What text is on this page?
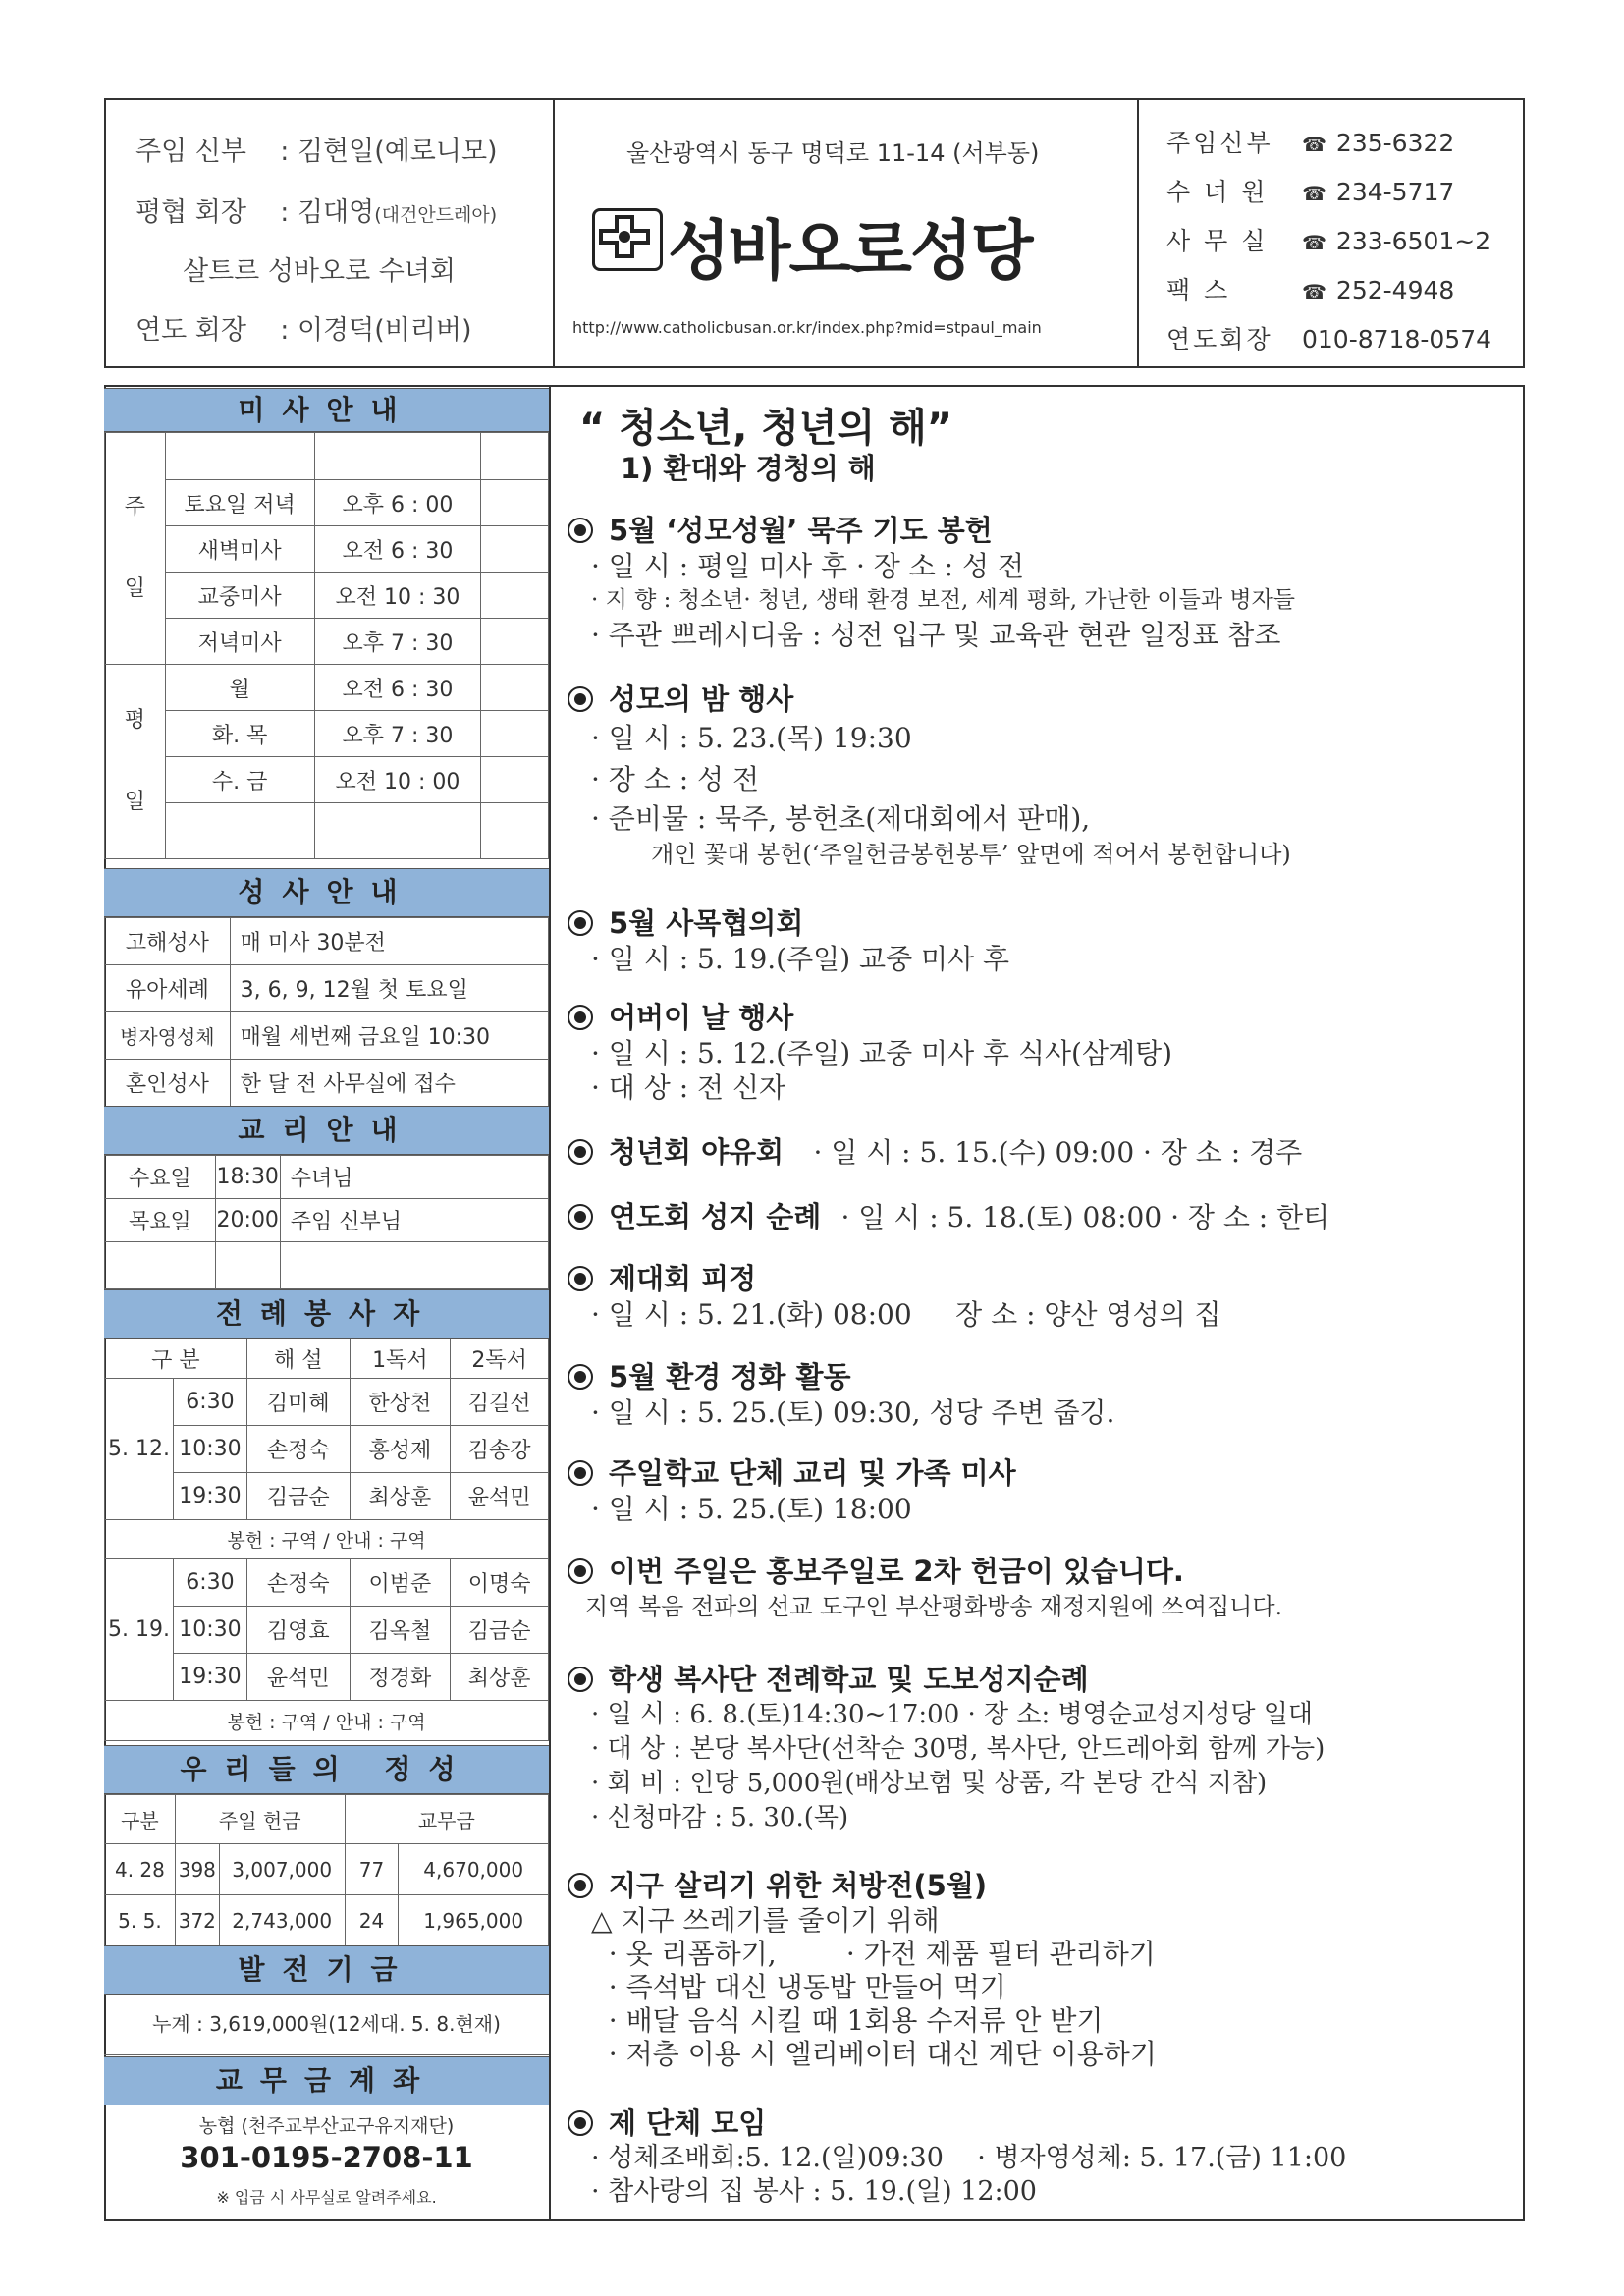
주임 신부 : 김현일(예로니모)
평협 회장 : 김대영(대건안드레아)
살트르 성바오로 수녀회
연도 회장 : 이경덕(비리버)
울산광역시 동구 명덕로 11-14 (서부동)
성바오로성당
http://www.catholicbusan.or.kr/index.php?mid=stpaul_main
주임신부 ☎ 235-6322
수 녀 원 ☎ 234-5717
사 무 실 ☎ 233-6501~2
팩 스	☎ 252-4948
연도회장 010-8718-0574
미사안내
주

일			
	토요일 저녁	오후 6 : 00	
	새벽미사	오전 6 : 30	
	교중미사	오전 10 : 30	
	저녁미사	오후 7 : 30	
평

일	월	오전 6 : 30	
	화. 목	오후 7 : 30	
	수. 금	오전 10 : 00	

성사안내
고해성사	매 미사 30분전
유아세례	3, 6, 9, 12월 첫 토요일
병자영성체	매월 세번째 금요일 10:30
혼인성사	한 달 전 사무실에 접수
교리안내
수요일	18:30	수녀님
목요일	20:00	주임 신부님

전례봉사자
구 분		해 설	1독서	2독서
5. 12.	6:30	김미혜	한상천	김길선
	10:30	손정숙	홍성제	김송강
	19:30	김금순	최상훈	윤석민
봉헌 : 구역 / 안내 : 구역				
5. 19.	6:30	손정숙	이범준	이명숙
	10:30	김영효	김옥철	김금순
	19:30	윤석민	정경화	최상훈
봉헌 : 구역 / 안내 : 구역				
우리들의 정성
구분	주일 헌금		교무금	
4. 28	398	3,007,000	77	4,670,000
5. 5.	372	2,743,000	24	1,965,000
발전기금
누계 : 3,619,000원(12세대. 5. 8.현재)
교무금계좌
농협 (천주교부산교구유지재단)
301-0195-2708-11
※ 입금 시 사무실로 알려주세요.
“ 청소년, 청년의 해”
1) 환대와 경청의 해
5월 ‘성모성월’ 묵주 기도 봉헌
· 일 시 : 평일 미사 후 · 장 소 : 성 전
· 지 향 : 청소년· 청년, 생태 환경 보전, 세계 평화, 가난한 이들과 병자들
· 주관 쁘레시디움 : 성전 입구 및 교육관 현관 일정표 참조
성모의 밤 행사
· 일 시 : 5. 23.(목) 19:30
· 장 소 : 성 전
· 준비물 : 묵주, 봉헌초(제대회에서 판매),
개인 꽃대 봉헌(‘주일헌금봉헌봉투’ 앞면에 적어서 봉헌합니다)
5월 사목협의회
· 일 시 : 5. 19.(주일) 교중 미사 후
어버이 날 행사
· 일 시 : 5. 12.(주일) 교중 미사 후 식사(삼계탕)
· 대 상 : 전 신자
청년회 야유회 · 일 시 : 5. 15.(수) 09:00 · 장 소 : 경주
연도회 성지 순례 · 일 시 : 5. 18.(토) 08:00 · 장 소 : 한티
제대회 피정
· 일 시 : 5. 21.(화) 08:00     장 소 : 양산 영성의 집
5월 환경 정화 활동
· 일 시 : 5. 25.(토) 09:30, 성당 주변 줍깅.
주일학교 단체 교리 및 가족 미사
· 일 시 : 5. 25.(토) 18:00
이번 주일은 홍보주일로 2차 헌금이 있습니다.
지역 복음 전파의 선교 도구인 부산평화방송 재정지원에 쓰여집니다.
학생 복사단 전례학교 및 도보성지순례
· 일 시 : 6. 8.(토)14:30~17:00 · 장 소: 병영순교성지성당 일대
· 대 상 : 본당 복사단(선착순 30명, 복사단, 안드레아회 함께 가능)
· 회 비 : 인당 5,000원(배상보험 및 상품, 각 본당 간식 지참)
· 신청마감 : 5. 30.(목)
지구 살리기 위한 처방전(5월)
△ 지구 쓰레기를 줄이기 위해
· 옷 리폼하기,        · 가전 제품 필터 관리하기
· 즉석밥 대신 냉동밥 만들어 먹기
· 배달 음식 시킬 때 1회용 수저류 안 받기
· 저층 이용 시 엘리베이터 대신 계단 이용하기
제 단체 모임
· 성체조배회:5. 12.(일)09:30    · 병자영성체: 5. 17.(금) 11:00
· 참사랑의 집 봉사 : 5. 19.(일) 12:00
